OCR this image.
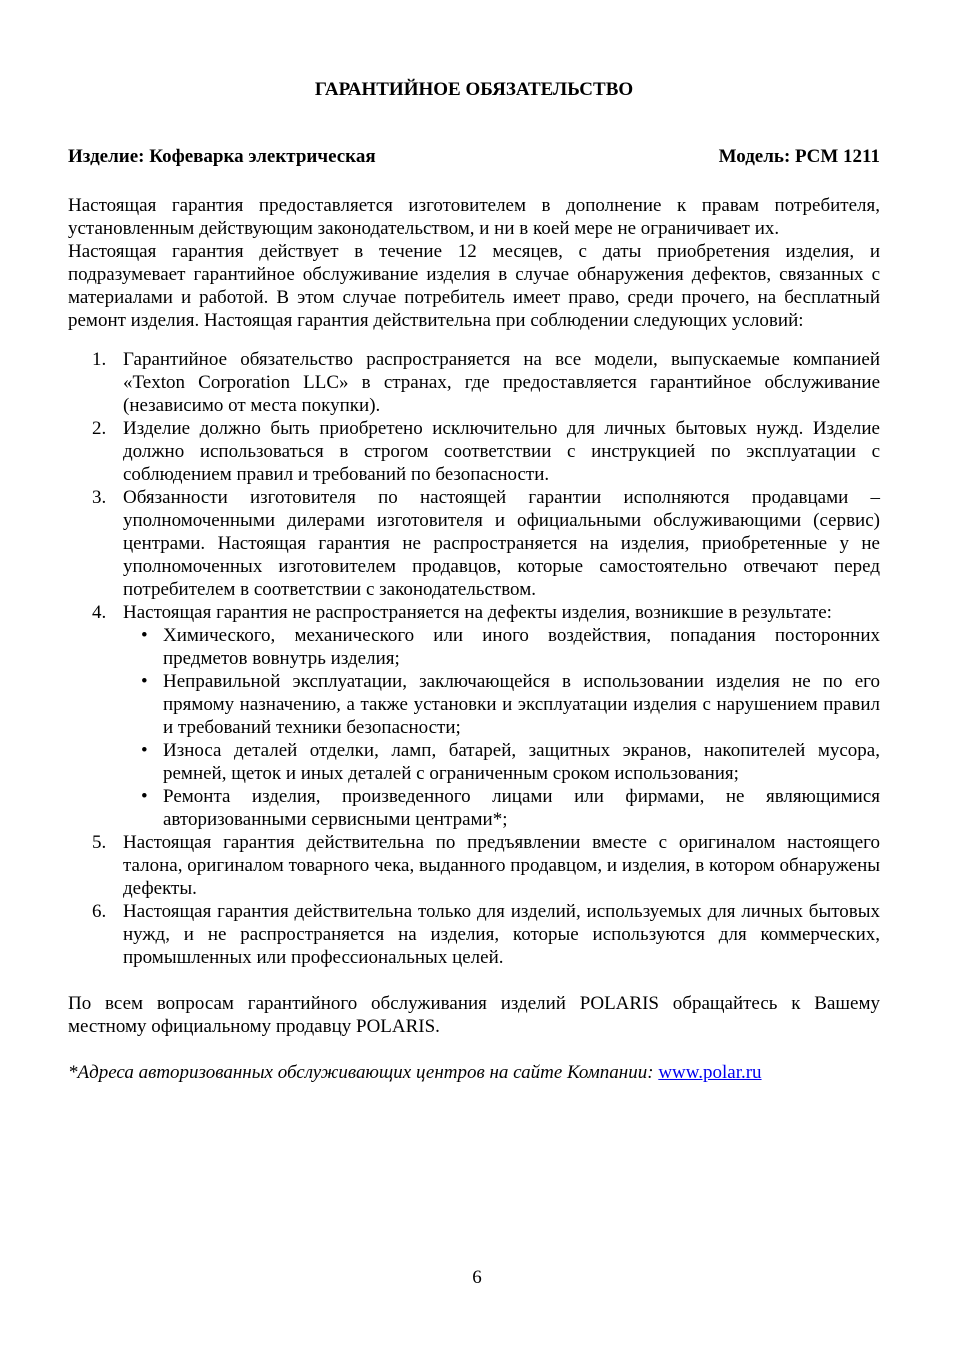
ГАРАНТИЙНОЕ ОБЯЗАТЕЛЬСТВО
Изделие: Кофеварка электрическая	Модель: PCM 1211

Настоящая гарантия предоставляется изготовителем в дополнение к правам потребителя, установленным действующим законодательством, и ни в коей мере не ограничивает их.

Настоящая гарантия действует в течение 12 месяцев, с даты приобретения изделия, и подразумевает гарантийное обслуживание изделия в случае обнаружения дефектов, связанных с материалами и работой. В этом случае потребитель имеет право, среди прочего, на бесплатный ремонт изделия. Настоящая гарантия действительна при соблюдении следующих условий:

1. Гарантийное обязательство распространяется на все модели, выпускаемые компанией «Texton Corporation LLC» в странах, где предоставляется гарантийное обслуживание (независимо от места покупки).
2. Изделие должно быть приобретено исключительно для личных бытовых нужд. Изделие должно использоваться в строгом соответствии с инструкцией по эксплуатации с соблюдением правил и требований по безопасности.
3. Обязанности изготовителя по настоящей гарантии исполняются продавцами – уполномоченными дилерами изготовителя и официальными обслуживающими (сервис) центрами. Настоящая гарантия не распространяется на изделия, приобретенные у не уполномоченных изготовителем продавцов, которые самостоятельно отвечают перед потребителем в соответствии с законодательством.
4. Настоящая гарантия не распространяется на дефекты изделия, возникшие в результате:
• Химического, механического или иного воздействия, попадания посторонних предметов вовнутрь изделия;
• Неправильной эксплуатации, заключающейся в использовании изделия не по его прямому назначению, а также установки и эксплуатации изделия с нарушением правил и требований техники безопасности;
• Износа деталей отделки, ламп, батарей, защитных экранов, накопителей мусора, ремней, щеток и иных деталей с ограниченным сроком использования;
• Ремонта изделия, произведенного лицами или фирмами, не являющимися авторизованными сервисными центрами*;
5. Настоящая гарантия действительна по предъявлении вместе с оригиналом настоящего талона, оригиналом товарного чека, выданного продавцом, и изделия, в котором обнаружены дефекты.
6. Настоящая гарантия действительна только для изделий, используемых для личных бытовых нужд, и не распространяется на изделия, которые используются для коммерческих, промышленных или профессиональных целей.

По всем вопросам гарантийного обслуживания изделий POLARIS обращайтесь к Вашему местному официальному продавцу POLARIS.

*Адреса авторизованных обслуживающих центров на сайте Компании: www.polar.ru

6
